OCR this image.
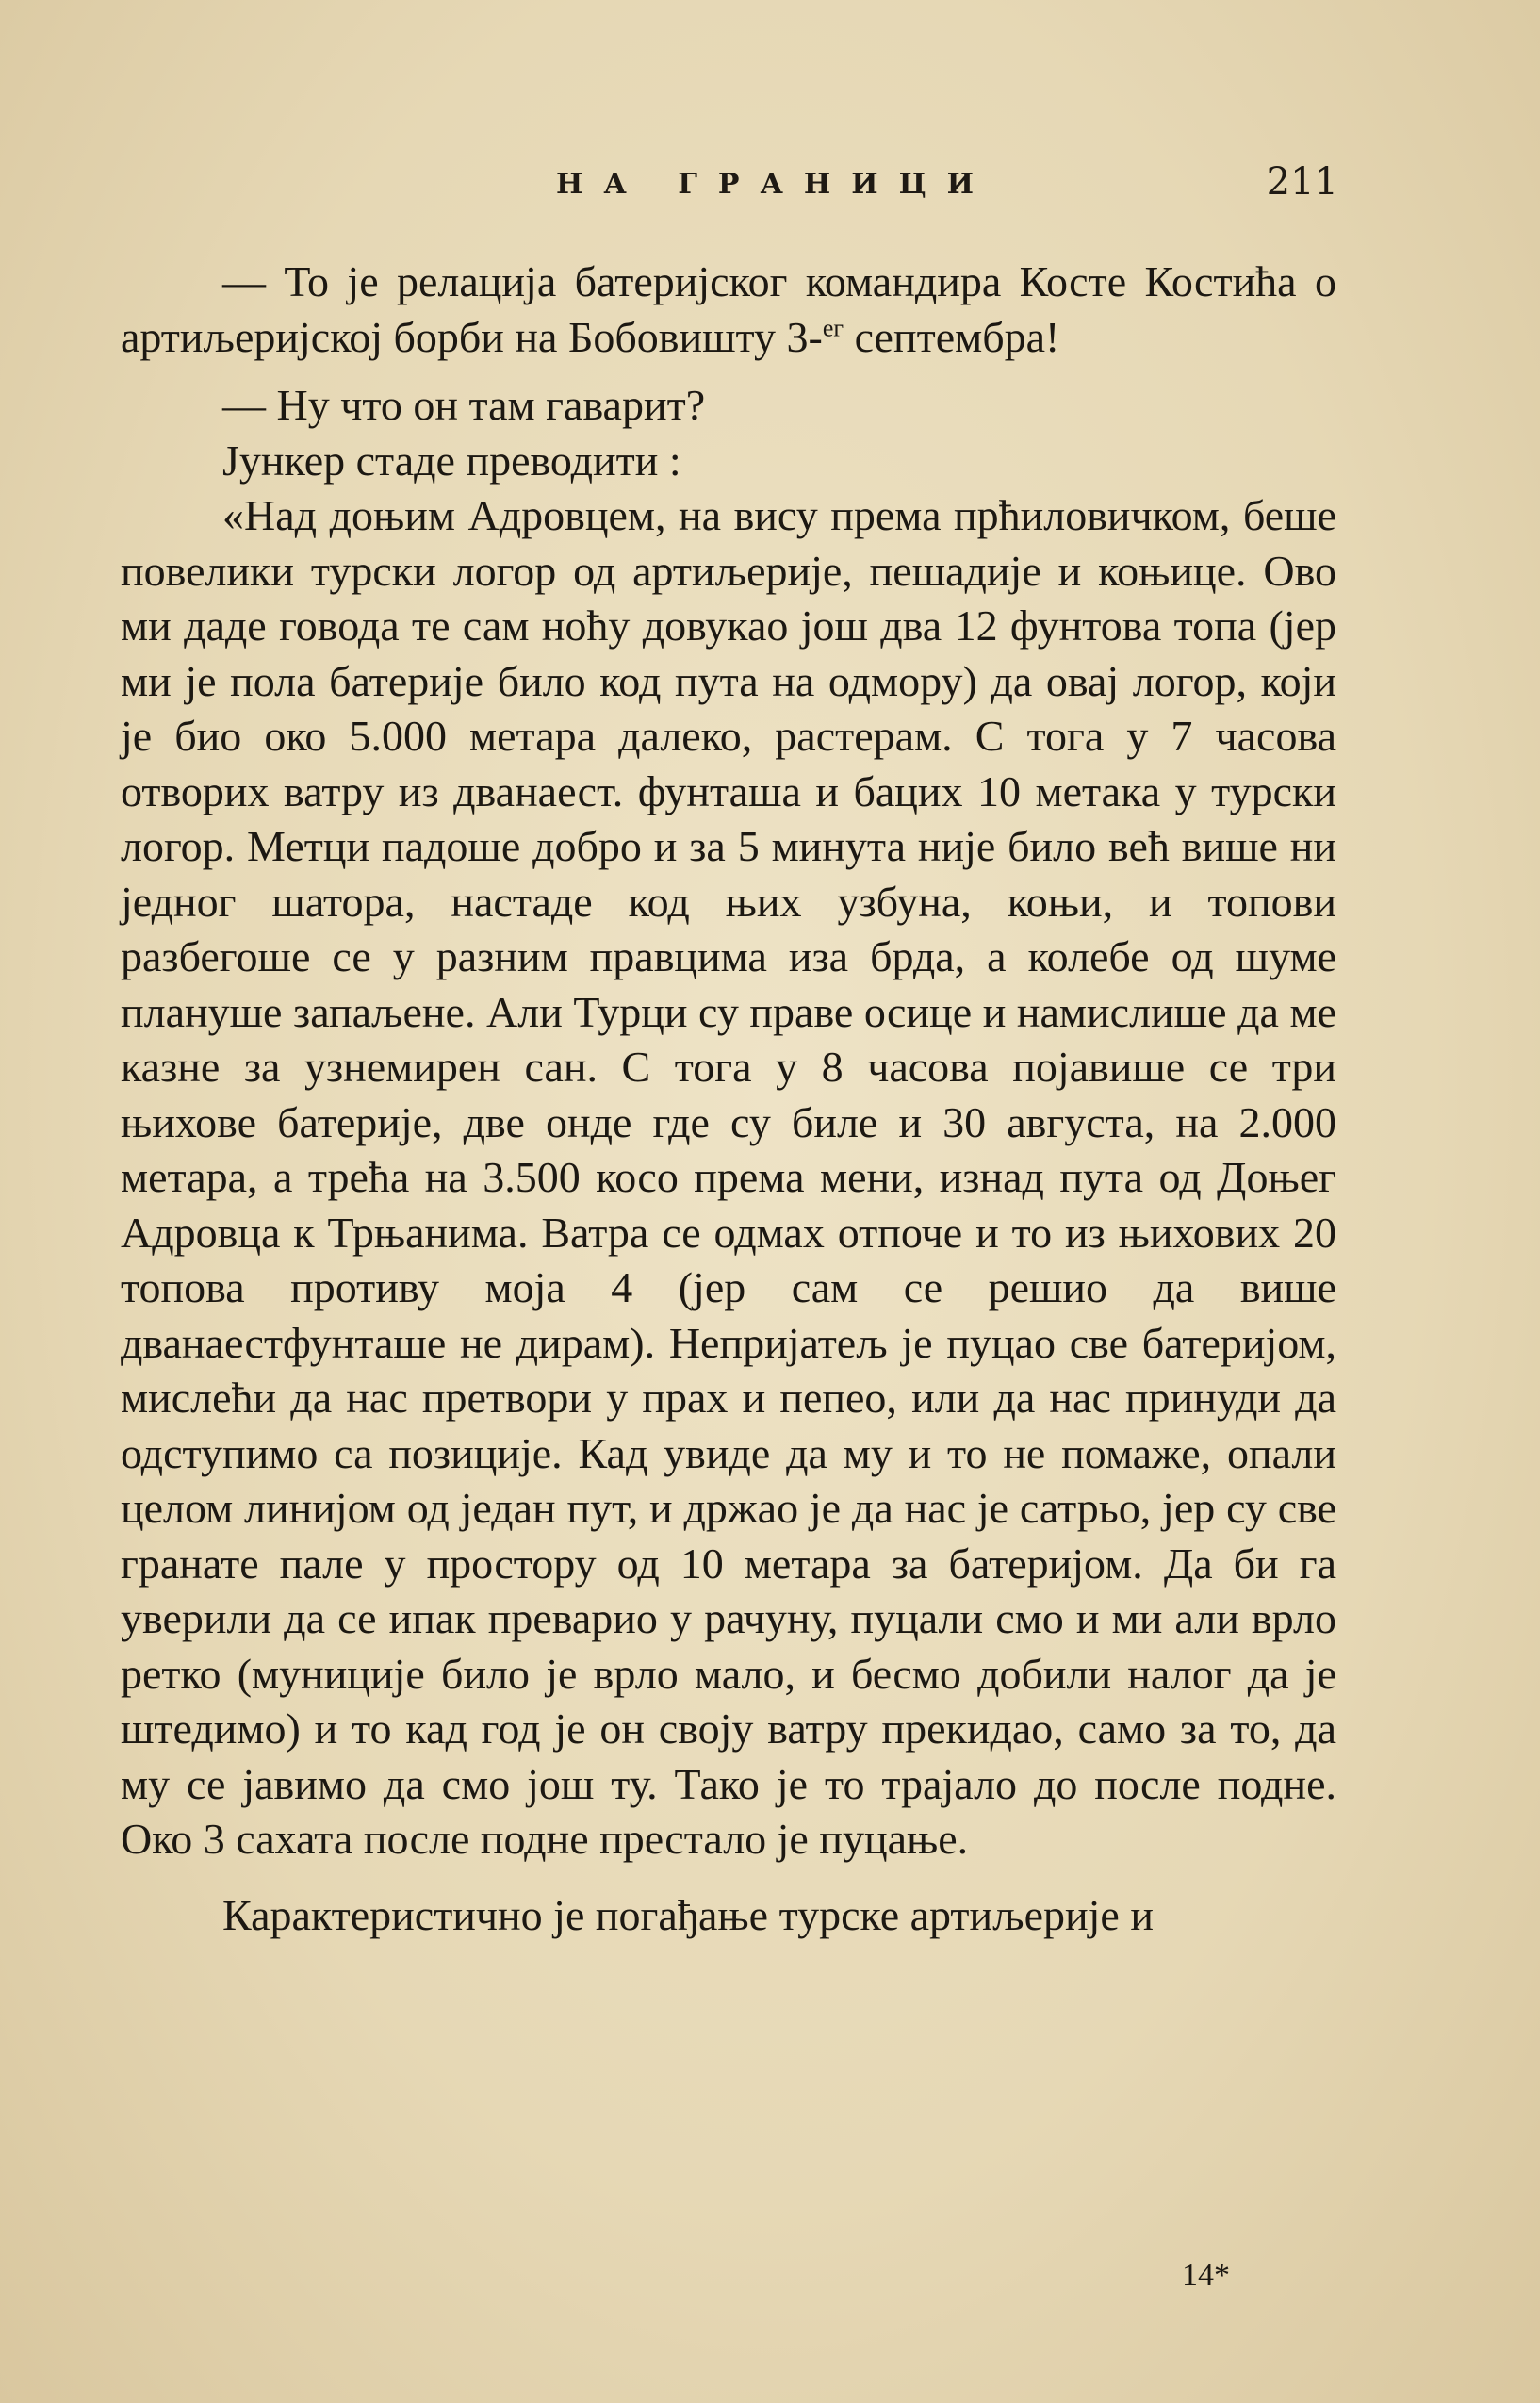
НА ГРАНИЦИ	211

— То је релација батеријског командира Косте Костића о артиљеријској борби на Бобовишту 3-$^{ег}$ септембра!

— Ну что он там гаварит?

Јункер стаде преводити :

«Над доњим Адровцем, на вису према прћиловичком, беше повелики турски логор од артиљерије, пешадије и коњице. Ово ми даде говода те сам ноћу довукао још два 12 фунтова топа (јер ми је пола батерије било код пута на одмору) да овај логор, који је био око 5.000 метара далеко, растерам. С тога у 7 часова отворих ватру из дванаест. фунташа и бацих 10 метака у турски логор. Метци падоше добро и за 5 минута није било већ више ни једног шатора, настаде код њих узбуна, коњи, и топови разбегоше се у разним правцима иза брда, а колебе од шуме плануше запаљене. Али Турци су праве осице и намислише да ме казне за узнемирен сан. С тога у 8 часова појавише се три њихове батерије, две онде где су биле и 30 августа, на 2.000 метара, а трећа на 3.500 косо према мени, изнад пута од Доњег Адровца к Трњанима. Ватра се одмах отпоче и то из њихових 20 топова противу моја 4 (јер сам се решио да више дванаестфунташе не дирам). Непријатељ је пуцао све батеријом, мислећи да нас претвори у прах и пепео, или да нас принуди да одступимо са позиције. Кад увиде да му и то не помаже, опали целом линијом од један пут, и држао је да нас је сатрьо, јер су све гранате пале у простору од 10 метара за батеријом. Да би га уверили да се ипак преварио у рачуну, пуцали смо и ми али врло ретко (муниције било је врло мало, и бесмо добили налог да је штедимо) и то кад год је он своју ватру прекидао, само за то, да му се јавимо да смо још ту. Тако је то трајало до после подне. Око 3 сахата после подне престало је пуцање.

Карактеристично је погађање турске артиљерије и

14*
